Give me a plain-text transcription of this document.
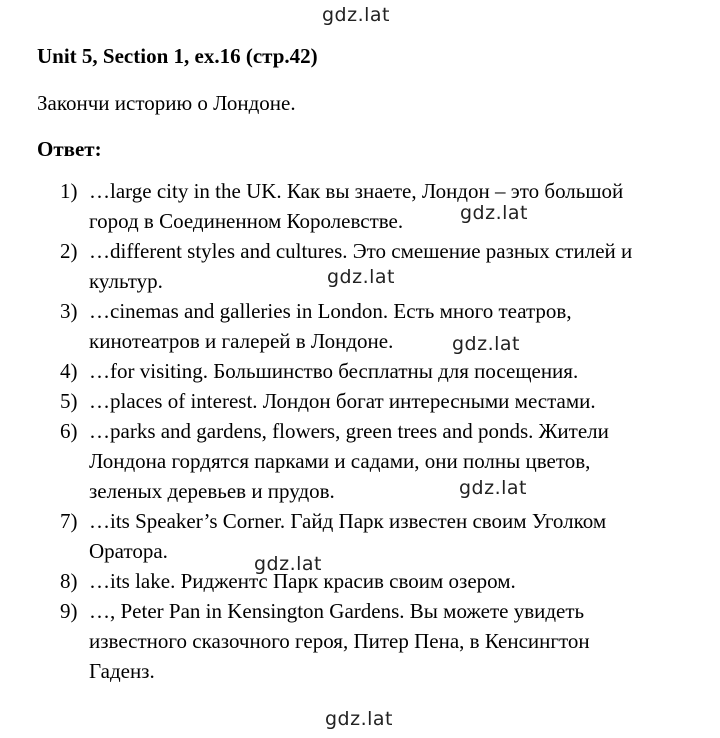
gdz.lat
gdz.lat
gdz.lat
gdz.lat
gdz.lat
gdz.lat
gdz.lat
Unit 5, Section 1, ex.16 (стр.42)
Закончи историю о Лондоне.
Ответ:
1) …large city in the UK. Как вы знаете, Лондон – это большой
город в Соединенном Королевстве.
2) …different styles and cultures. Это смешение разных стилей и
культур.
3) …cinemas and galleries in London. Есть много театров,
кинотеатров и галерей в Лондоне.
4) …for visiting. Большинство бесплатны для посещения.
5) …places of interest. Лондон богат интересными местами.
6) …parks and gardens, flowers, green trees and ponds. Жители
Лондона гордятся парками и садами, они полны цветов,
зеленых деревьев и прудов.
7) …its Speaker’s Corner. Гайд Парк известен своим Уголком
Оратора.
8) …its lake. Риджентс Парк красив своим озером.
9) …, Peter Pan in Kensington Gardens. Вы можете увидеть
известного сказочного героя, Питер Пена, в Кенсингтон
Гаденз.
